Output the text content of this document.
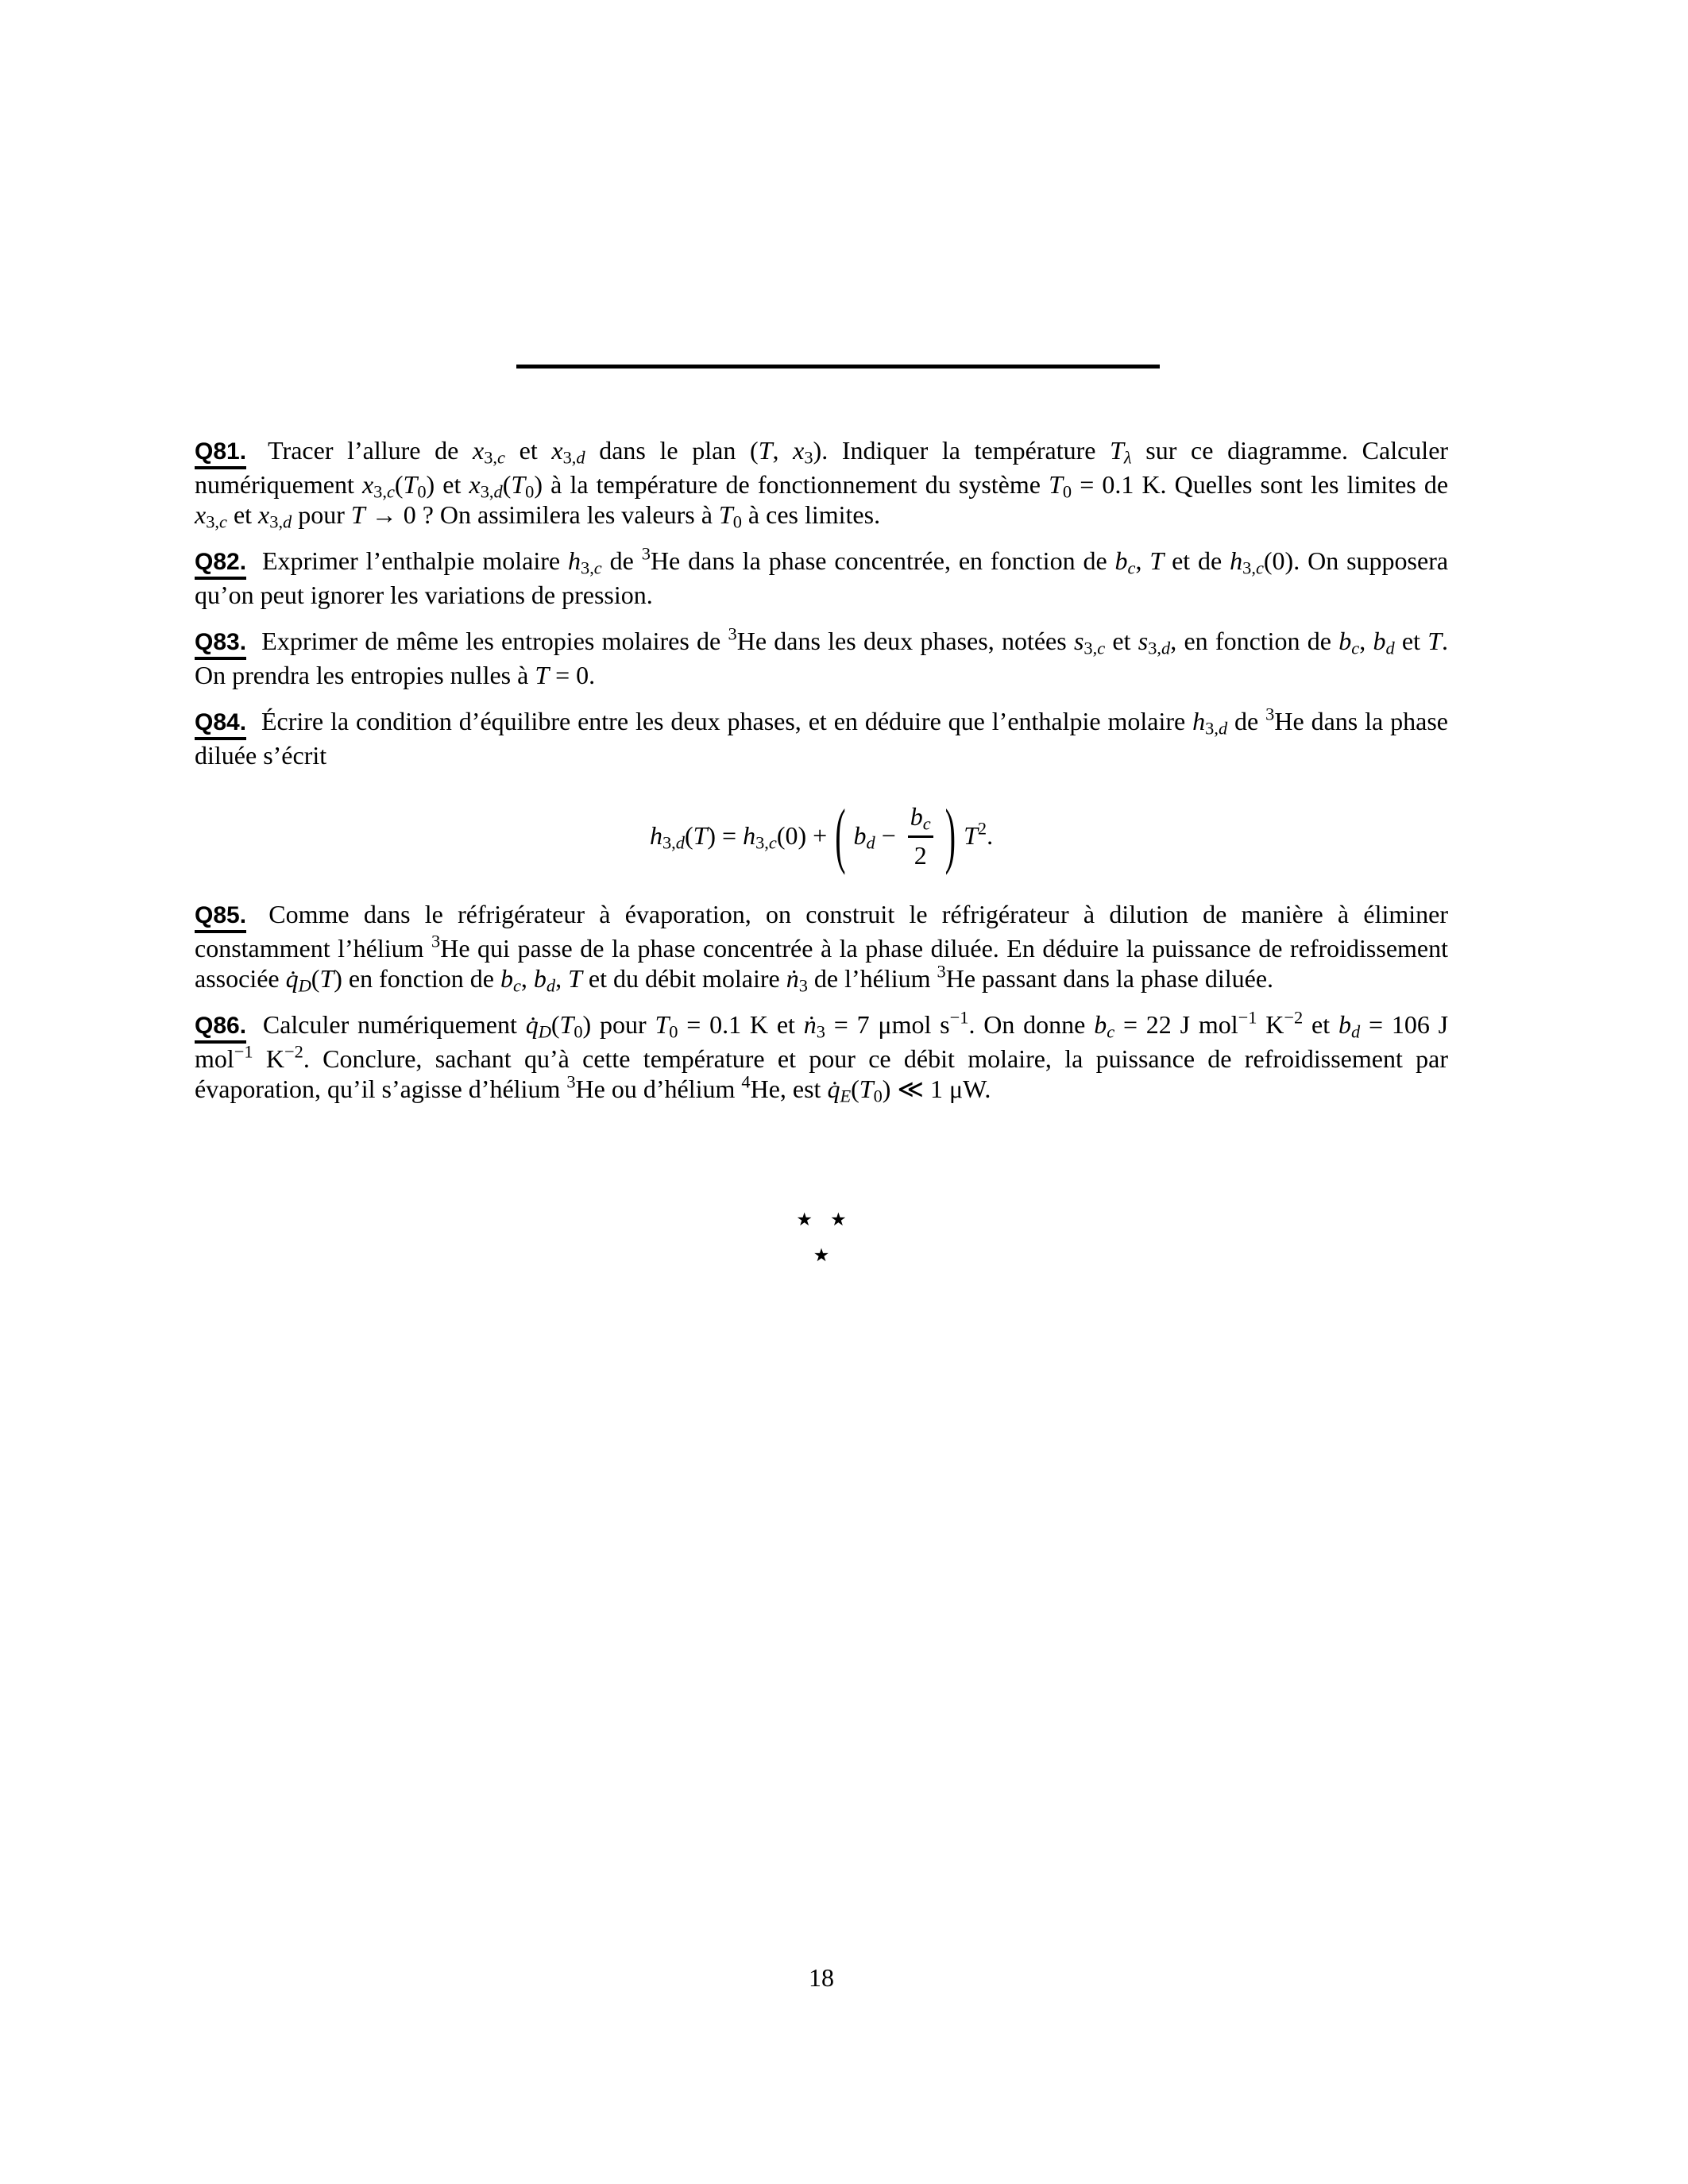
Q81. Tracer l’allure de $x_{3,c}$ et $x_{3,d}$ dans le plan (T, $x_3$). Indiquer la température $T_\lambda$ sur ce diagramme. Calculer numériquement $x_{3,c}(T_0)$ et $x_{3,d}(T_0)$ à la température de fonctionnement du système $T_0 = 0.1$ K. Quelles sont les limites de $x_{3,c}$ et $x_{3,d}$ pour T → 0 ? On assimilera les valeurs à $T_0$ à ces limites.

Q82. Exprimer l’enthalpie molaire $h_{3,c}$ de $^3$He dans la phase concentrée, en fonction de $b_c$, T et de $h_{3,c}(0)$. On supposera qu’on peut ignorer les variations de pression.

Q83. Exprimer de même les entropies molaires de $^3$He dans les deux phases, notées $s_{3,c}$ et $s_{3,d}$, en fonction de $b_c$, $b_d$ et T. On prendra les entropies nulles à T = 0.

Q84. Écrire la condition d’équilibre entre les deux phases, et en déduire que l’enthalpie molaire $h_{3,d}$ de $^3$He dans la phase diluée s’écrit

$h_{3,d}(T) = h_{3,c}(0)$ + ( $b_d - \frac{b_c}{2}$ ) $T^2$.

Q85. Comme dans le réfrigérateur à évaporation, on construit le réfrigérateur à dilution de manière à éliminer constamment l’hélium $^3$He qui passe de la phase concentrée à la phase diluée. En déduire la puissance de refroidissement associée $q̇_D(T)$ en fonction de $b_c$, $b_d$, T et du débit molaire ṅ$_3$ de l’hélium $^3$He passant dans la phase diluée.

Q86. Calculer numériquement $q̇_D(T_0)$ pour $T_0 = 0.1$ K et ṅ$_3$ = 7 μmol $s^{-1}$. On donne $b_c = 22$ J mol$^{-1}$ $K^{-2}$ et $b_d = 106$ J mol$^{-1}$ $K^{-2}$. Conclure, sachant qu’à cette température et pour ce débit molaire, la puissance de refroidissement par évaporation, qu’il s’agisse d’hélium $^3$He ou d’hélium $^4$He, est $q̇_E(T_0)$ ≪ 1 μW.

⋆ ⋆
⋆
18
